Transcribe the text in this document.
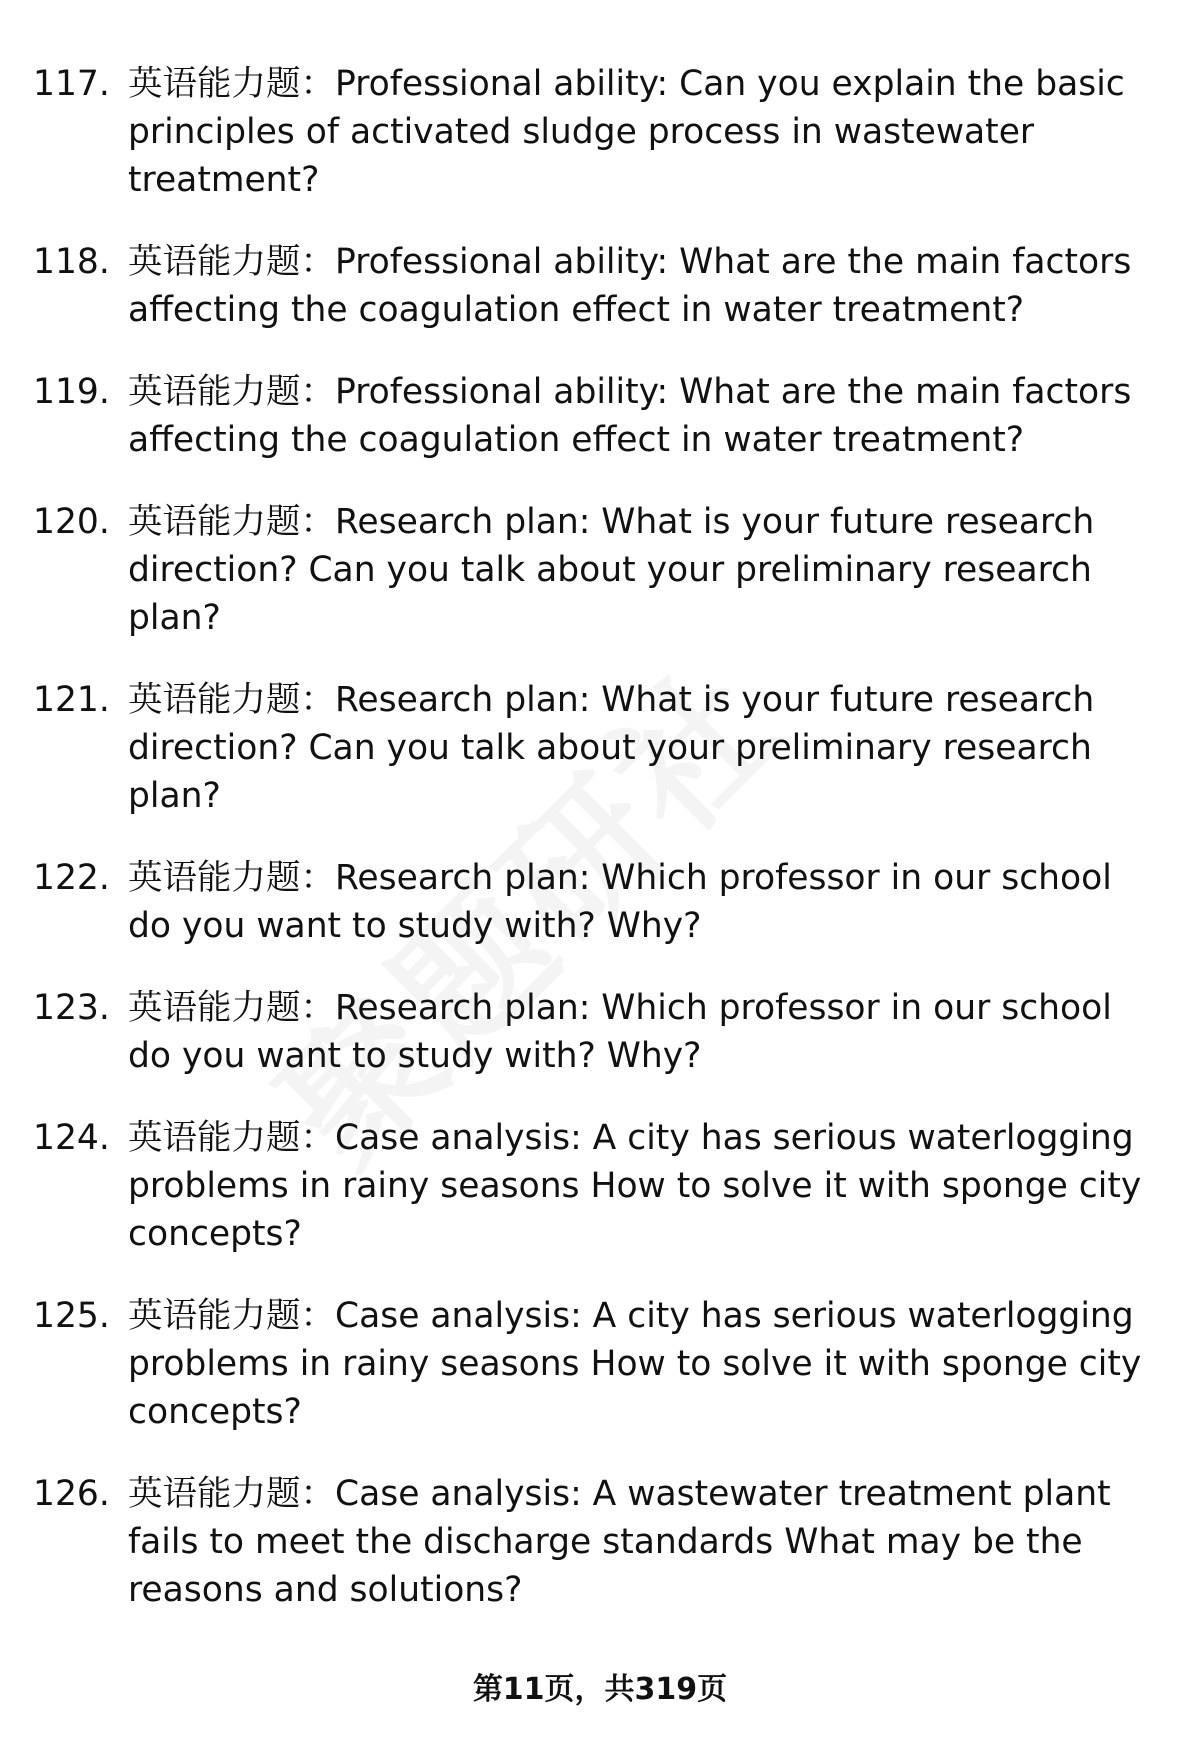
117. 英语能力题：Professional ability: Can you explain the basic principles of activated sludge process in wastewater treatment?
118. 英语能力题：Professional ability: What are the main factors affecting the coagulation effect in water treatment?
119. 英语能力题：Professional ability: What are the main factors affecting the coagulation effect in water treatment?
120. 英语能力题：Research plan: What is your future research direction? Can you talk about your preliminary research plan?
121. 英语能力题：Research plan: What is your future research direction? Can you talk about your preliminary research plan?
122. 英语能力题：Research plan: Which professor in our school do you want to study with? Why?
123. 英语能力题：Research plan: Which professor in our school do you want to study with? Why?
124. 英语能力题：Case analysis: A city has serious waterlogging problems in rainy seasons How to solve it with sponge city concepts?
125. 英语能力题：Case analysis: A city has serious waterlogging problems in rainy seasons How to solve it with sponge city concepts?
126. 英语能力题：Case analysis: A wastewater treatment plant fails to meet the discharge standards What may be the reasons and solutions?
第11页，共319页
